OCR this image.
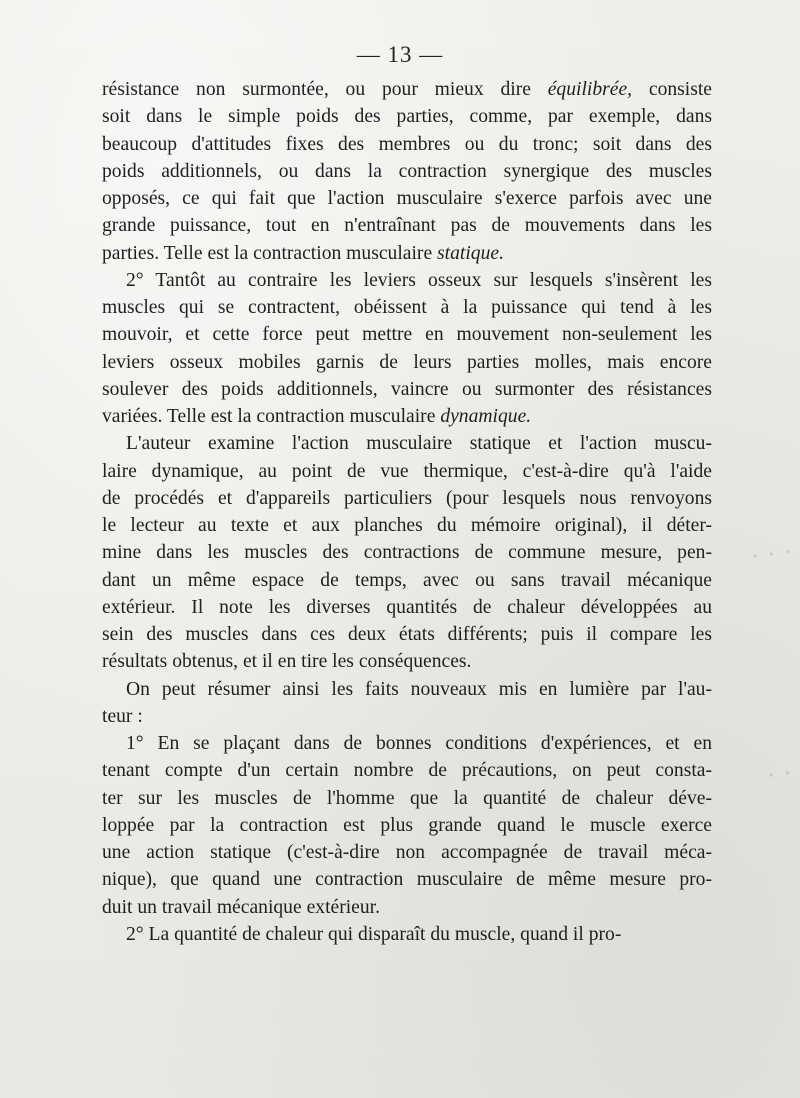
— 13 —
résistance non surmontée, ou pour mieux dire équilibrée, consiste
soit dans le simple poids des parties, comme, par exemple, dans
beaucoup d'attitudes fixes des membres ou du tronc; soit dans des
poids additionnels, ou dans la contraction synergique des muscles
opposés, ce qui fait que l'action musculaire s'exerce parfois avec une
grande puissance, tout en n'entraînant pas de mouvements dans les
parties. Telle est la contraction musculaire statique.
2° Tantôt au contraire les leviers osseux sur lesquels s'insèrent les
muscles qui se contractent, obéissent à la puissance qui tend à les
mouvoir, et cette force peut mettre en mouvement non-seulement les
leviers osseux mobiles garnis de leurs parties molles, mais encore
soulever des poids additionnels, vaincre ou surmonter des résistances
variées. Telle est la contraction musculaire dynamique.
L'auteur examine l'action musculaire statique et l'action muscu-
laire dynamique, au point de vue thermique, c'est-à-dire qu'à l'aide
de procédés et d'appareils particuliers (pour lesquels nous renvoyons
le lecteur au texte et aux planches du mémoire original), il déter-
mine dans les muscles des contractions de commune mesure, pen-
dant un même espace de temps, avec ou sans travail mécanique
extérieur. Il note les diverses quantités de chaleur développées au
sein des muscles dans ces deux états différents; puis il compare les
résultats obtenus, et il en tire les conséquences.
On peut résumer ainsi les faits nouveaux mis en lumière par l'au-
teur :
1° En se plaçant dans de bonnes conditions d'expériences, et en
tenant compte d'un certain nombre de précautions, on peut consta-
ter sur les muscles de l'homme que la quantité de chaleur déve-
loppée par la contraction est plus grande quand le muscle exerce
une action statique (c'est-à-dire non accompagnée de travail méca-
nique), que quand une contraction musculaire de même mesure pro-
duit un travail mécanique extérieur.
2° La quantité de chaleur qui disparaît du muscle, quand il pro-
· · ·
· ·
